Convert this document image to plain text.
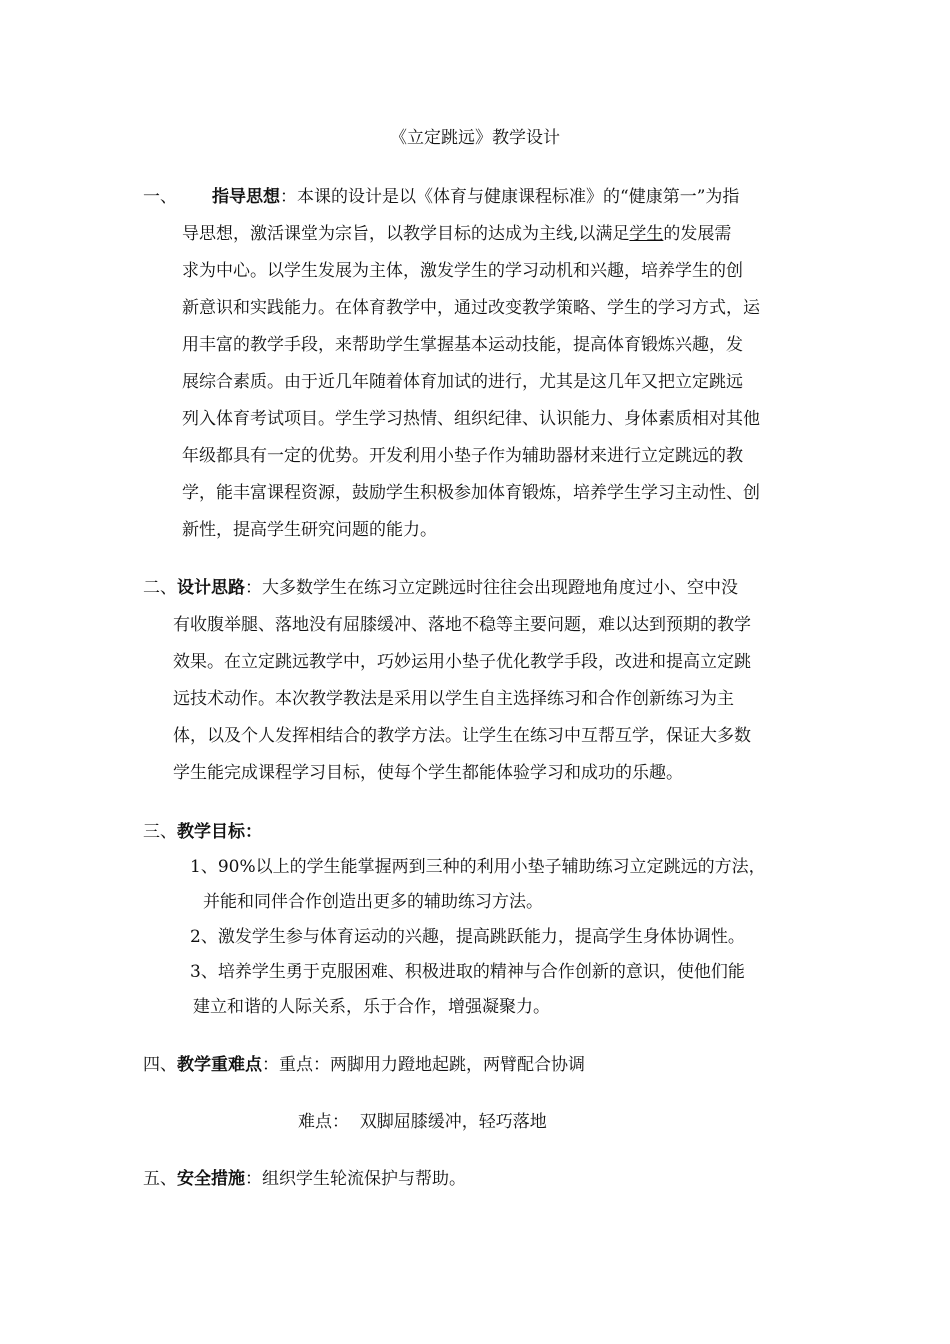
《立定跳远》教学设计
一、 指导思想：本课的设计是以《体育与健康课程标准》的“健康第一”为指
导思想，激活课堂为宗旨，以教学目标的达成为主线,以满足学生的发展需
求为中心。以学生发展为主体，激发学生的学习动机和兴趣，培养学生的创
新意识和实践能力。在体育教学中，通过改变教学策略、学生的学习方式，运
用丰富的教学手段，来帮助学生掌握基本运动技能，提高体育锻炼兴趣，发
展综合素质。由于近几年随着体育加试的进行，尤其是这几年又把立定跳远
列入体育考试项目。学生学习热情、组织纪律、认识能力、身体素质相对其他
年级都具有一定的优势。开发利用小垫子作为辅助器材来进行立定跳远的教
学，能丰富课程资源，鼓励学生积极参加体育锻炼，培养学生学习主动性、创
新性，提高学生研究问题的能力。
二、设计思路：大多数学生在练习立定跳远时往往会出现蹬地角度过小、空中没
有收腹举腿、落地没有屈膝缓冲、落地不稳等主要问题，难以达到预期的教学
效果。在立定跳远教学中，巧妙运用小垫子优化教学手段，改进和提高立定跳
远技术动作。本次教学教法是采用以学生自主选择练习和合作创新练习为主
体，以及个人发挥相结合的教学方法。让学生在练习中互帮互学，保证大多数
学生能完成课程学习目标，使每个学生都能体验学习和成功的乐趣。
三、教学目标：
1、90%以上的学生能掌握两到三种的利用小垫子辅助练习立定跳远的方法，
并能和同伴合作创造出更多的辅助练习方法。
2、激发学生参与体育运动的兴趣，提高跳跃能力，提高学生身体协调性。
3、培养学生勇于克服困难、积极进取的精神与合作创新的意识，使他们能
建立和谐的人际关系，乐于合作，增强凝聚力。
四、教学重难点：重点：两脚用力蹬地起跳，两臂配合协调
难点：  双脚屈膝缓冲，轻巧落地
五、安全措施：组织学生轮流保护与帮助。
